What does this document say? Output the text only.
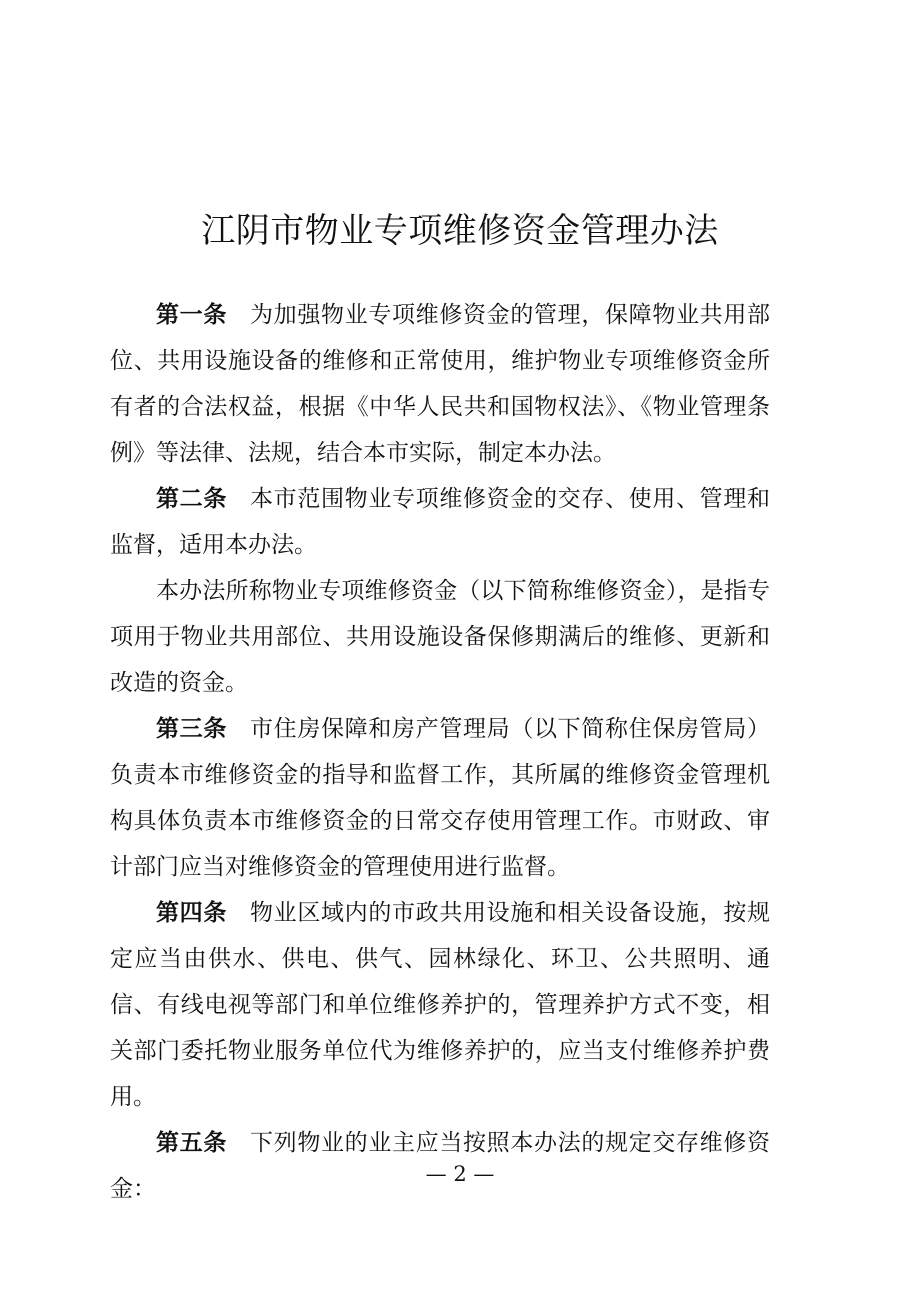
江阴市物业专项维修资金管理办法

第一条 为加强物业专项维修资金的管理，保障物业共用部位、共用设施设备的维修和正常使用，维护物业专项维修资金所有者的合法权益，根据《中华人民共和国物权法》、《物业管理条例》等法律、法规，结合本市实际，制定本办法。

第二条 本市范围物业专项维修资金的交存、使用、管理和监督，适用本办法。

本办法所称物业专项维修资金（以下简称维修资金），是指专项用于物业共用部位、共用设施设备保修期满后的维修、更新和改造的资金。

第三条 市住房保障和房产管理局（以下简称住保房管局）负责本市维修资金的指导和监督工作，其所属的维修资金管理机构具体负责本市维修资金的日常交存使用管理工作。市财政、审计部门应当对维修资金的管理使用进行监督。

第四条 物业区域内的市政共用设施和相关设备设施，按规定应当由供水、供电、供气、园林绿化、环卫、公共照明、通信、有线电视等部门和单位维修养护的，管理养护方式不变，相关部门委托物业服务单位代为维修养护的，应当支付维修养护费用。

第五条 下列物业的业主应当按照本办法的规定交存维修资金：

— 2 —
